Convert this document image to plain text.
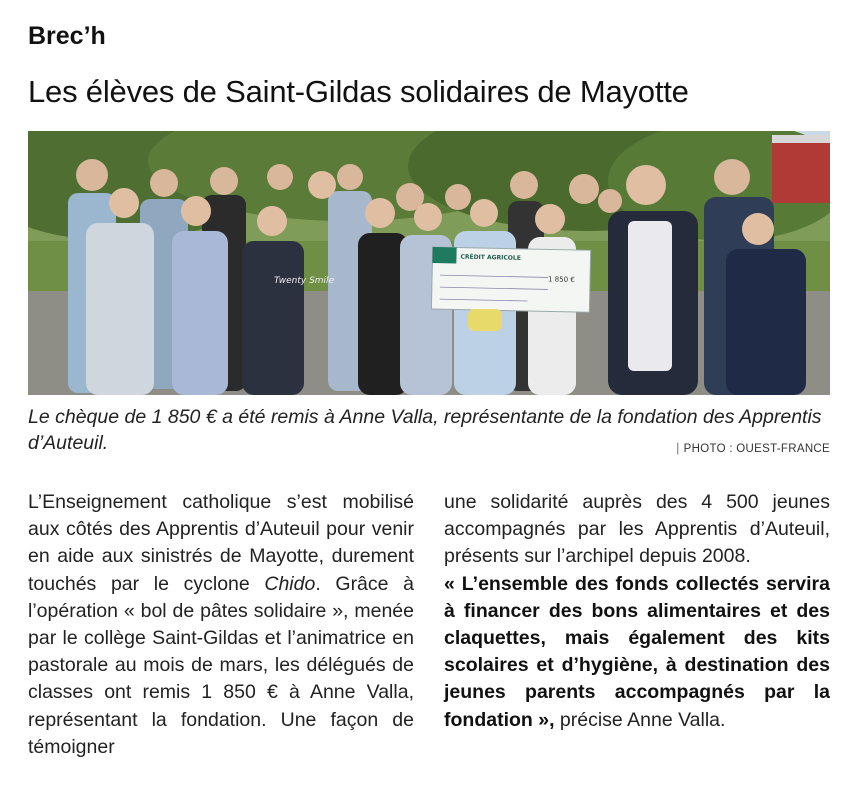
Brec’h
Les élèves de Saint-Gildas solidaires de Mayotte
Twenty Smile
CRÉDIT AGRICOLE
1 850 €
Le chèque de 1 850 € a été remis à Anne Valla, représentante de la fondation des Apprentis d’Auteuil.	| PHOTO : OUEST-FRANCE

L’Enseignement catholique s’est mobilisé aux côtés des Apprentis d’Auteuil pour venir en aide aux sinistrés de Mayotte, durement touchés par le cyclone Chido. Grâce à l’opération « bol de pâtes solidaire », menée par le collège Saint-Gildas et l’animatrice en pastorale au mois de mars, les délégués de classes ont remis 1 850 € à Anne Valla, représentant la fondation. Une façon de témoigner

une solidarité auprès des 4 500 jeunes accompagnés par les Apprentis d’Auteuil, présents sur l’archipel depuis 2008.

« L’ensemble des fonds collectés servira à financer des bons alimentaires et des claquettes, mais également des kits scolaires et d’hygiène, à destination des jeunes parents accompagnés par la fondation », précise Anne Valla.
